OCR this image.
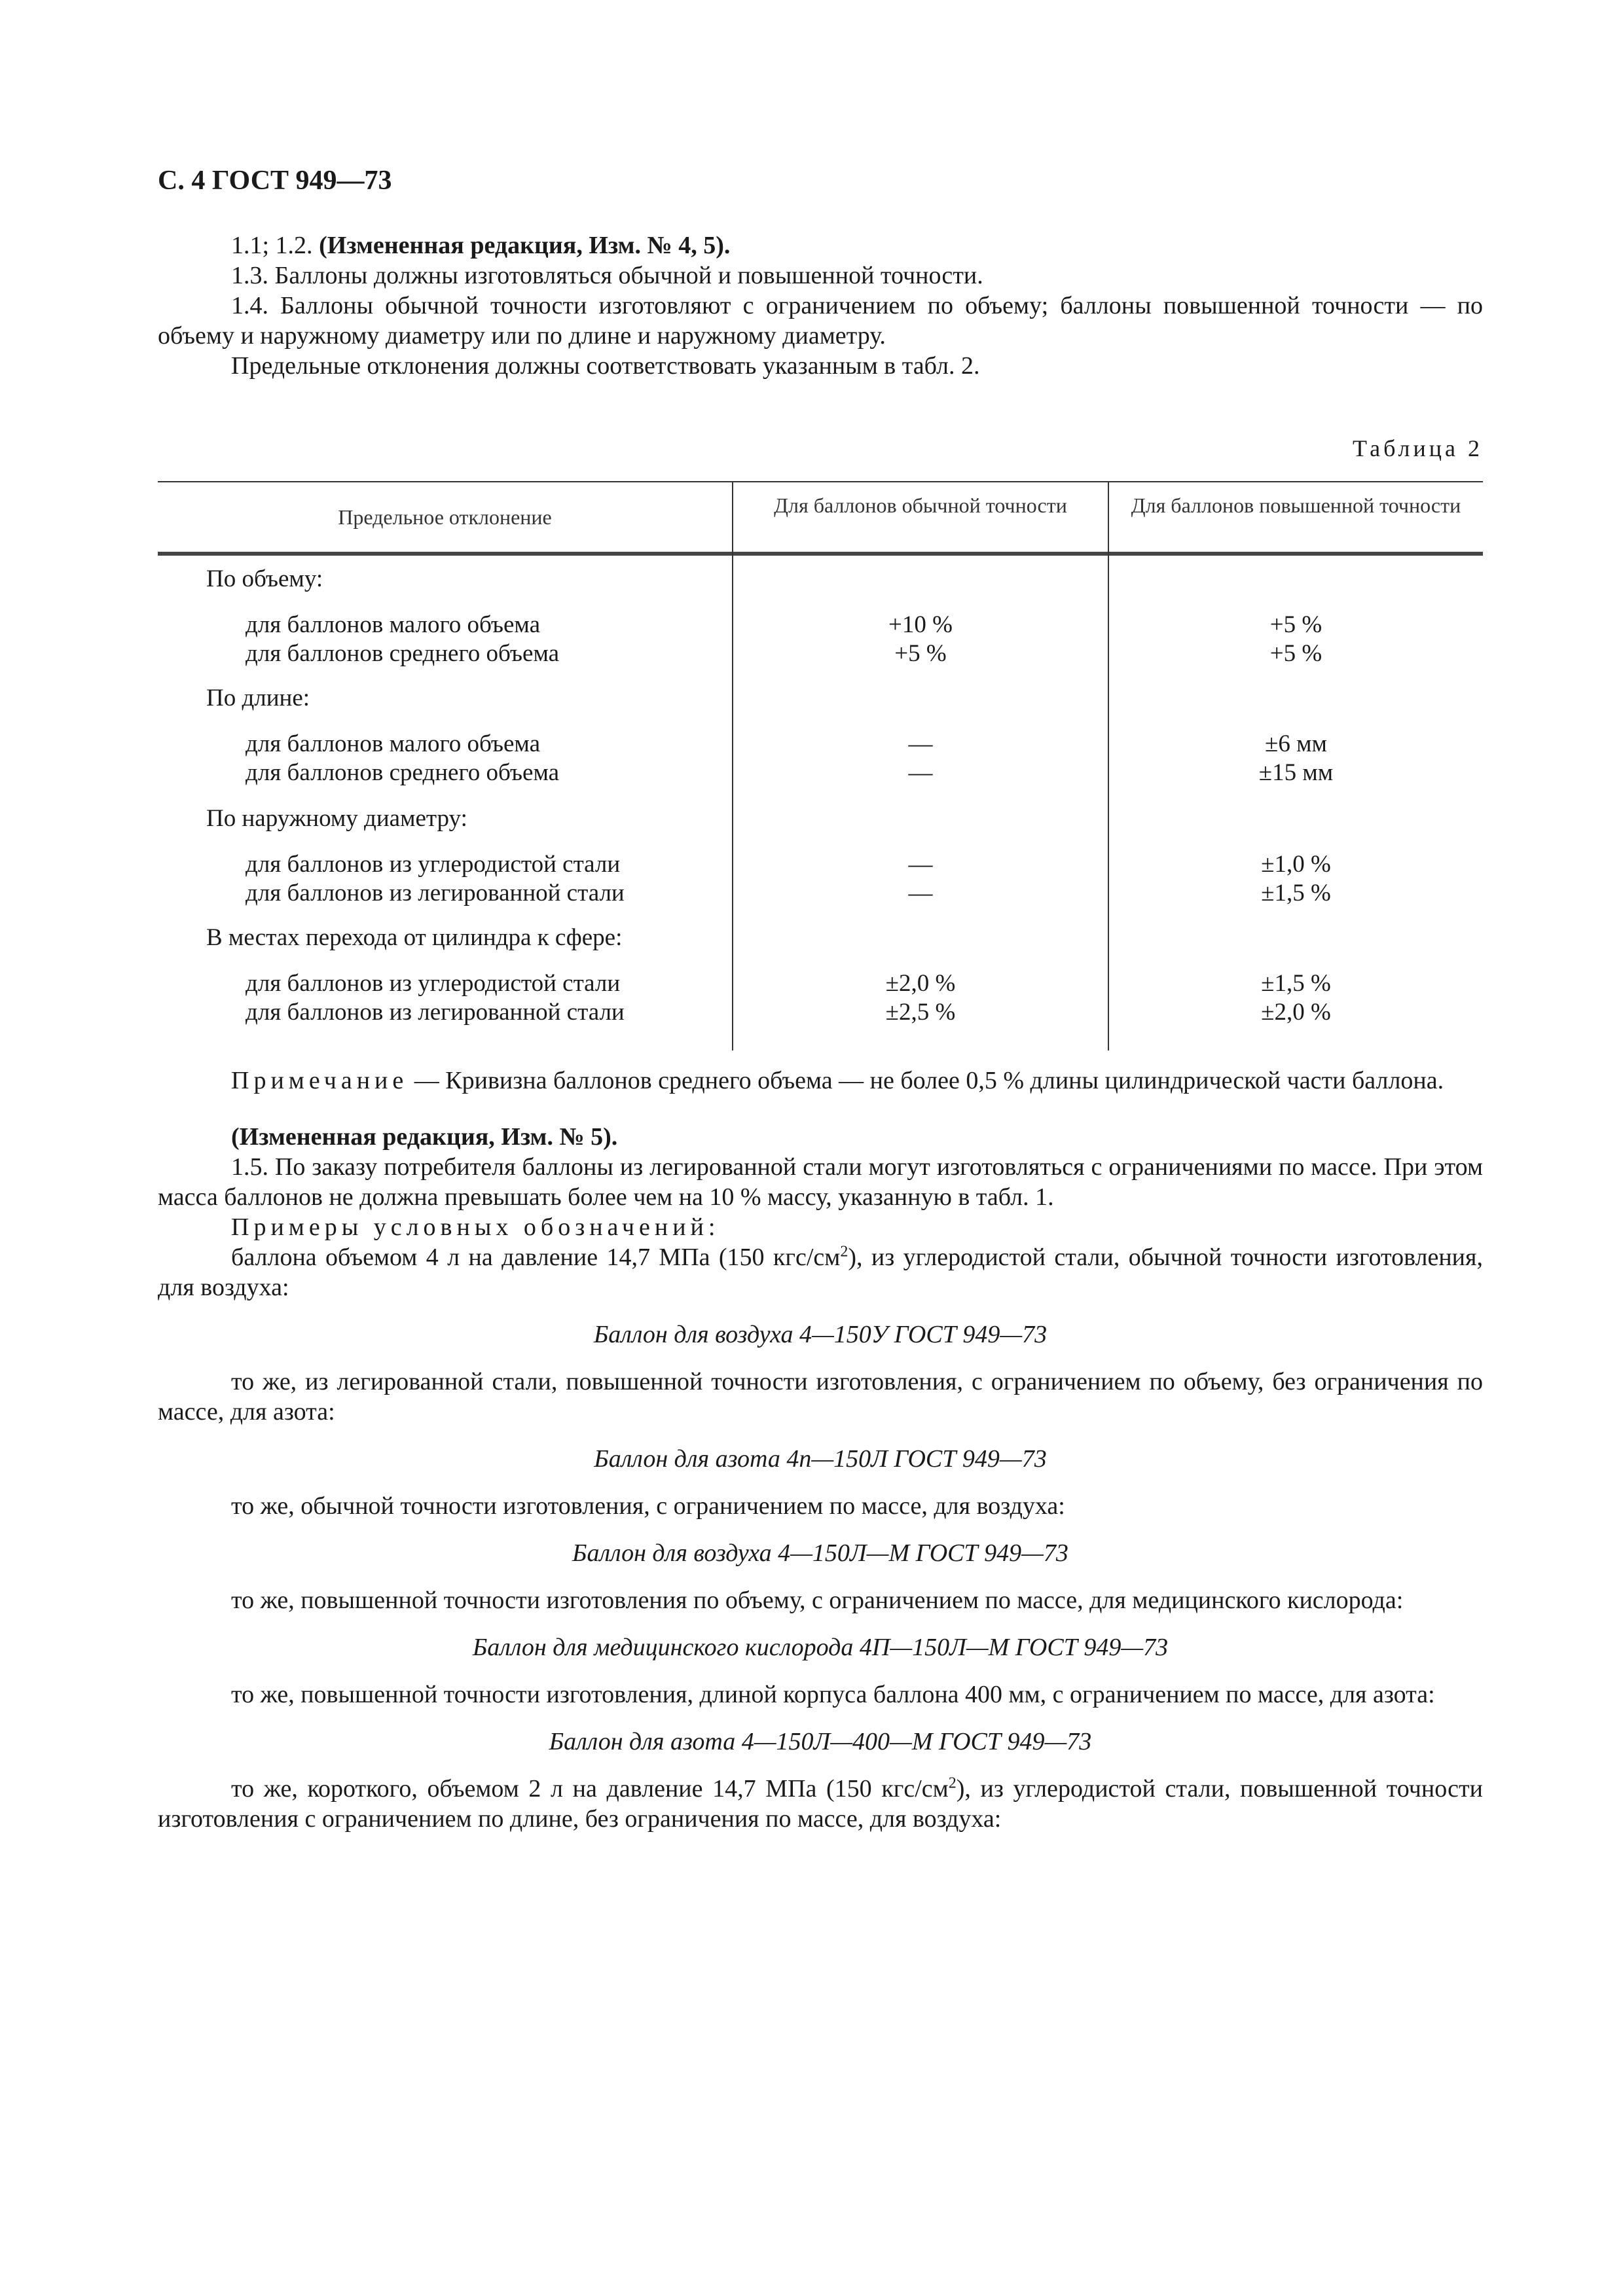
С. 4 ГОСТ 949—73

1.1; 1.2. (Измененная редакция, Изм. № 4, 5).

1.3. Баллоны должны изготовляться обычной и повышенной точности.

1.4. Баллоны обычной точности изготовляют с ограничением по объему; баллоны повышенной точности — по объему и наружному диаметру или по длине и наружному диаметру.

Предельные отклонения должны соответствовать указанным в табл. 2.

Таблица 2
Предельное отклонение	Для баллонов обычной точности	Для баллонов повышенной точности
По объему:
для баллонов малого объема	+10 %	+5 %
для баллонов среднего объема	+5 %	+5 %
По длине:
для баллонов малого объема	—	±6 мм
для баллонов среднего объема	—	±15 мм
По наружному диаметру:
для баллонов из углеродистой стали	—	±1,0 %
для баллонов из легированной стали	—	±1,5 %
В местах перехода от цилиндра к сфере:
для баллонов из углеродистой стали	±2,0 %	±1,5 %
для баллонов из легированной стали	±2,5 %	±2,0 %

Примечание — Кривизна баллонов среднего объема — не более 0,5 % длины цилиндрической части баллона.

(Измененная редакция, Изм. № 5).

1.5. По заказу потребителя баллоны из легированной стали могут изготовляться с ограничениями по массе. При этом масса баллонов не должна превышать более чем на 10 % массу, указанную в табл. 1.

Примеры условных обозначений:

баллона объемом 4 л на давление 14,7 МПа (150 кгс/$см^2$), из углеродистой стали, обычной точности изготовления, для воздуха:

Баллон для воздуха 4—150У ГОСТ 949—73

то же, из легированной стали, повышенной точности изготовления, с ограничением по объему, без ограничения по массе, для азота:

Баллон для азота 4п—150Л ГОСТ 949—73

то же, обычной точности изготовления, с ограничением по массе, для воздуха:

Баллон для воздуха 4—150Л—М ГОСТ 949—73

то же, повышенной точности изготовления по объему, с ограничением по массе, для медицинского кислорода:

Баллон для медицинского кислорода 4П—150Л—М ГОСТ 949—73

то же, повышенной точности изготовления, длиной корпуса баллона 400 мм, с ограничением по массе, для азота:

Баллон для азота 4—150Л—400—М ГОСТ 949—73

то же, короткого, объемом 2 л на давление 14,7 МПа (150 кгс/$см^2$), из углеродистой стали, повышенной точности изготовления с ограничением по длине, без ограничения по массе, для воздуха:
